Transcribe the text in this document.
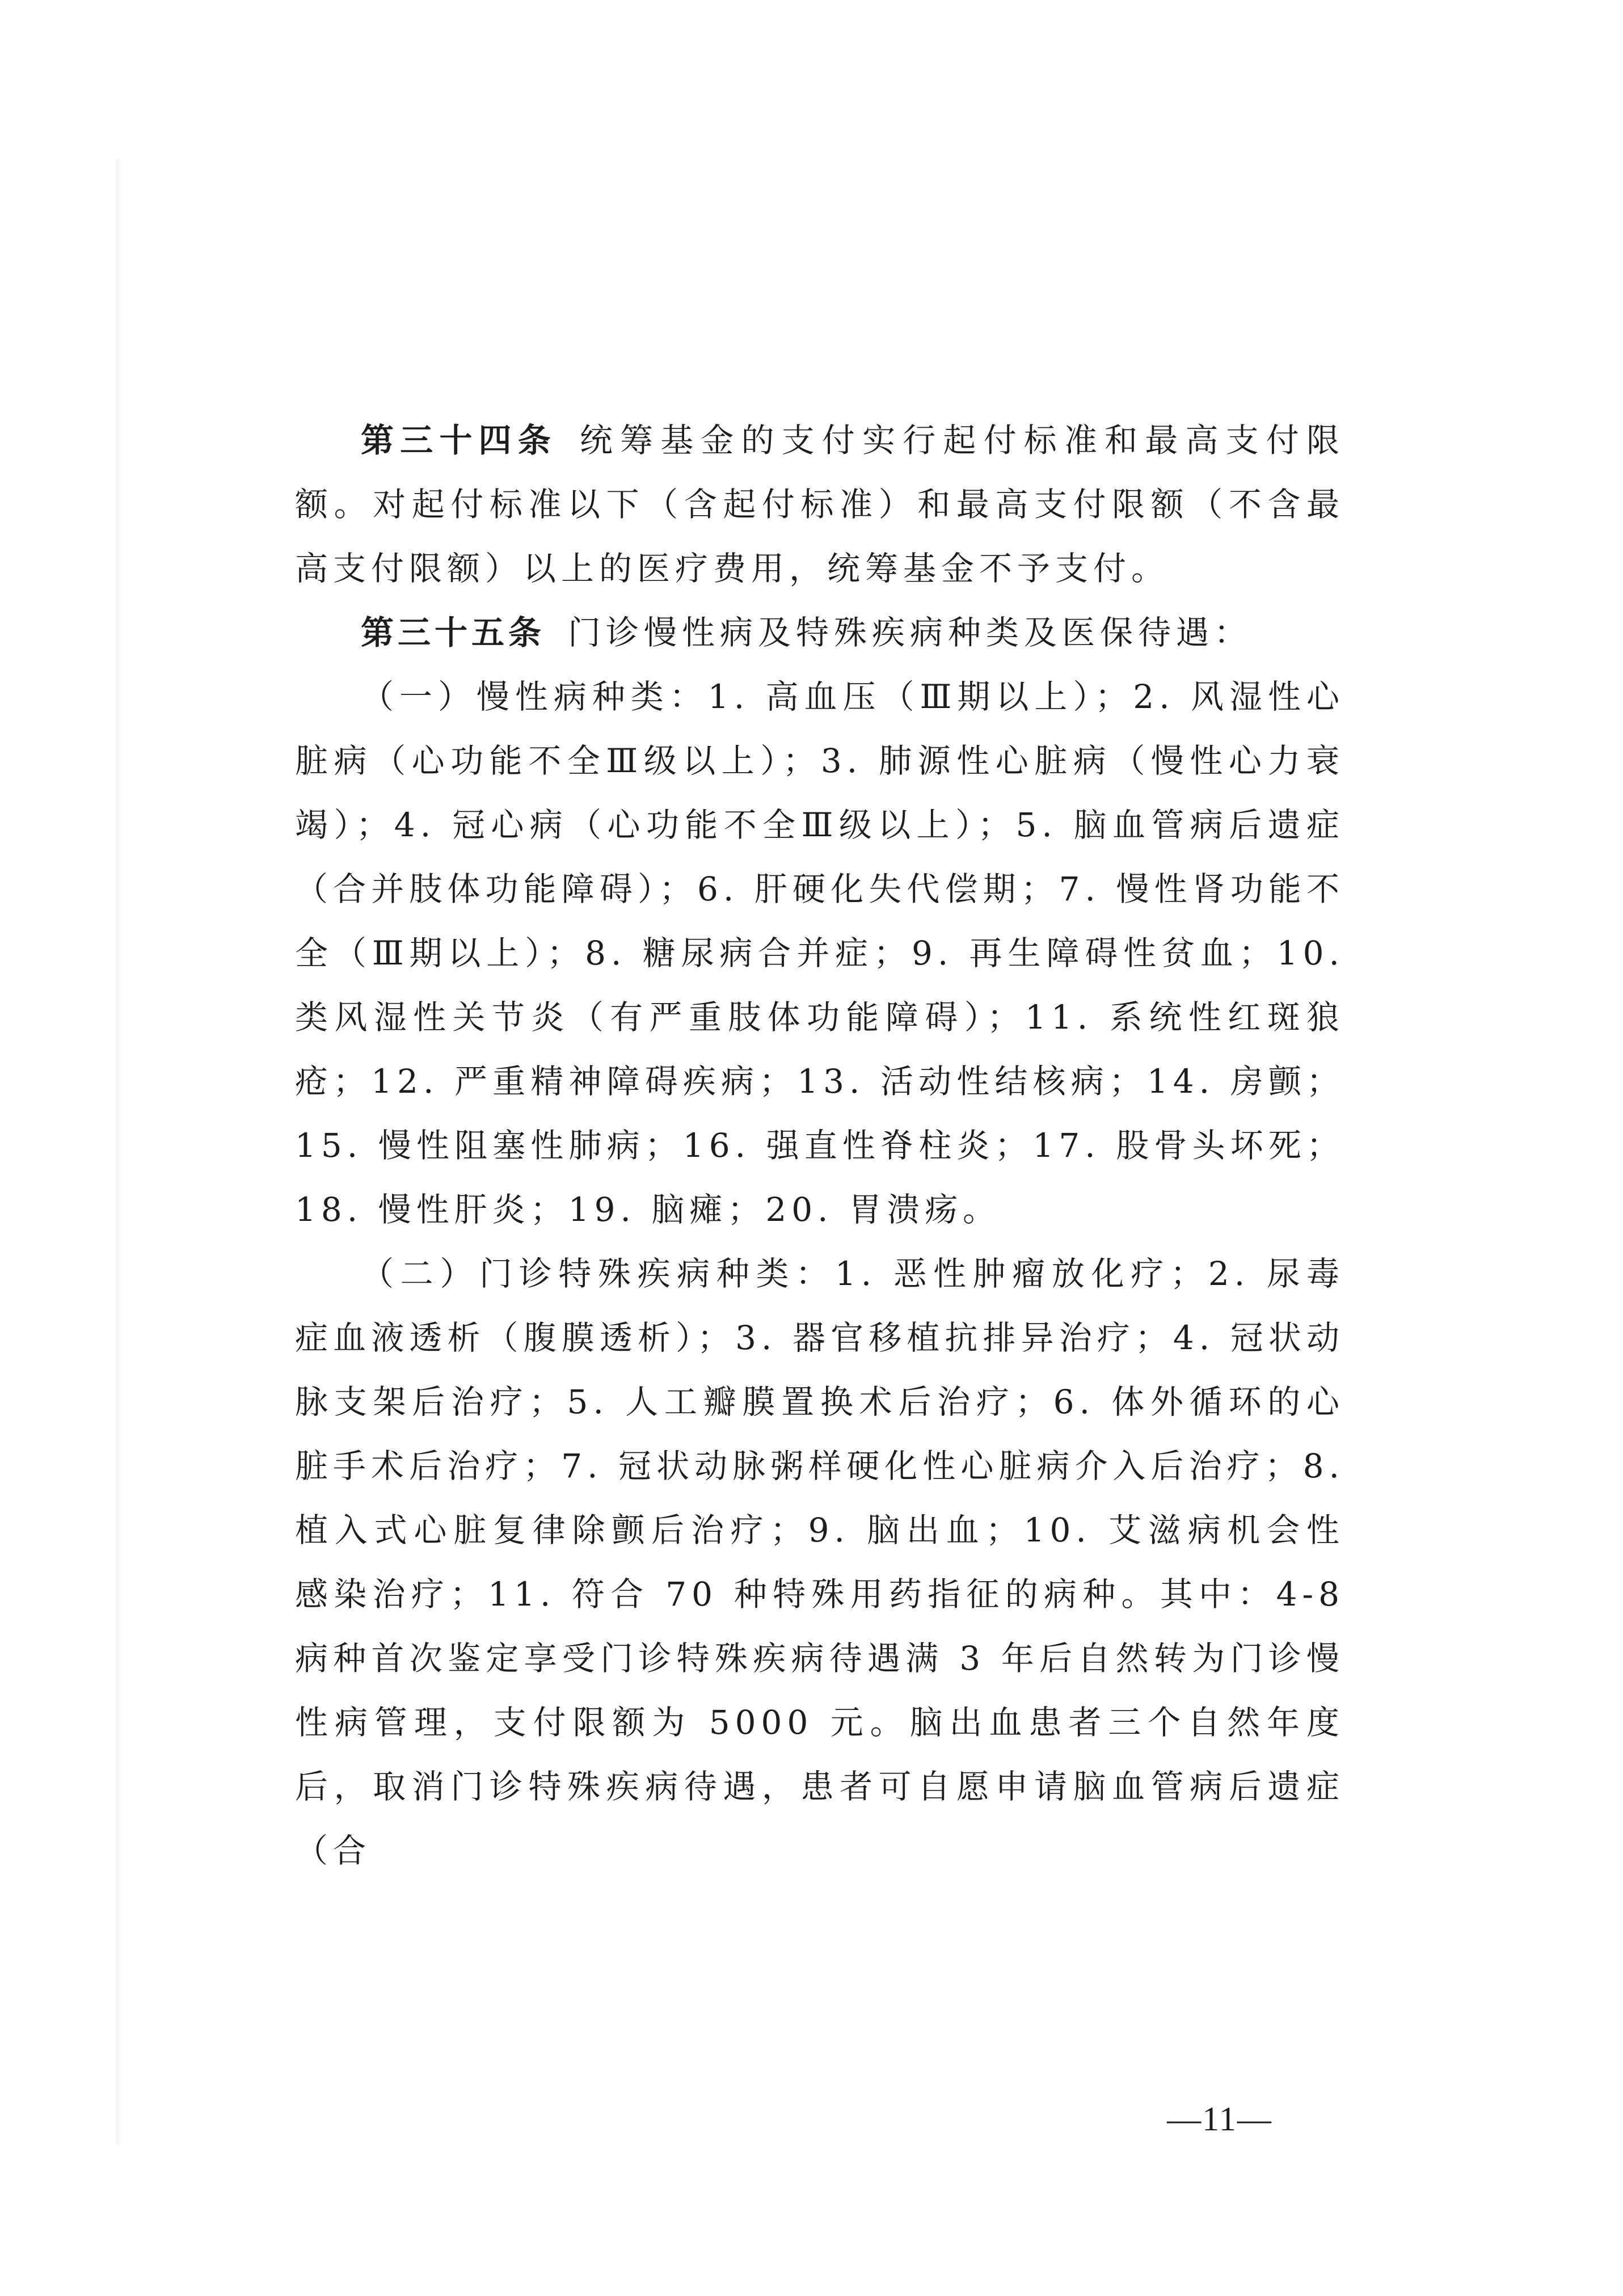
第三十四条 统筹基金的支付实行起付标准和最高支付限额。对起付标准以下（含起付标准）和最高支付限额（不含最高支付限额）以上的医疗费用，统筹基金不予支付。

第三十五条 门诊慢性病及特殊疾病种类及医保待遇：

（一）慢性病种类：1. 高血压（Ⅲ期以上）；2. 风湿性心脏病（心功能不全Ⅲ级以上）；3. 肺源性心脏病（慢性心力衰竭）；4. 冠心病（心功能不全Ⅲ级以上）；5. 脑血管病后遗症（合并肢体功能障碍）；6. 肝硬化失代偿期；7. 慢性肾功能不全（Ⅲ期以上）；8. 糖尿病合并症；9. 再生障碍性贫血；10. 类风湿性关节炎（有严重肢体功能障碍）；11. 系统性红斑狼疮；12. 严重精神障碍疾病；13. 活动性结核病；14. 房颤；15. 慢性阻塞性肺病；16. 强直性脊柱炎；17. 股骨头坏死；18. 慢性肝炎；19. 脑瘫；20. 胃溃疡。

（二）门诊特殊疾病种类：1. 恶性肿瘤放化疗；2. 尿毒症血液透析（腹膜透析）；3. 器官移植抗排异治疗；4. 冠状动脉支架后治疗；5. 人工瓣膜置换术后治疗；6. 体外循环的心脏手术后治疗；7. 冠状动脉粥样硬化性心脏病介入后治疗；8. 植入式心脏复律除颤后治疗；9. 脑出血；10. 艾滋病机会性感染治疗；11. 符合 70 种特殊用药指征的病种。其中：4-8 病种首次鉴定享受门诊特殊疾病待遇满 3 年后自然转为门诊慢性病管理，支付限额为 5000 元。脑出血患者三个自然年度后，取消门诊特殊疾病待遇，患者可自愿申请脑血管病后遗症（合

—11—
